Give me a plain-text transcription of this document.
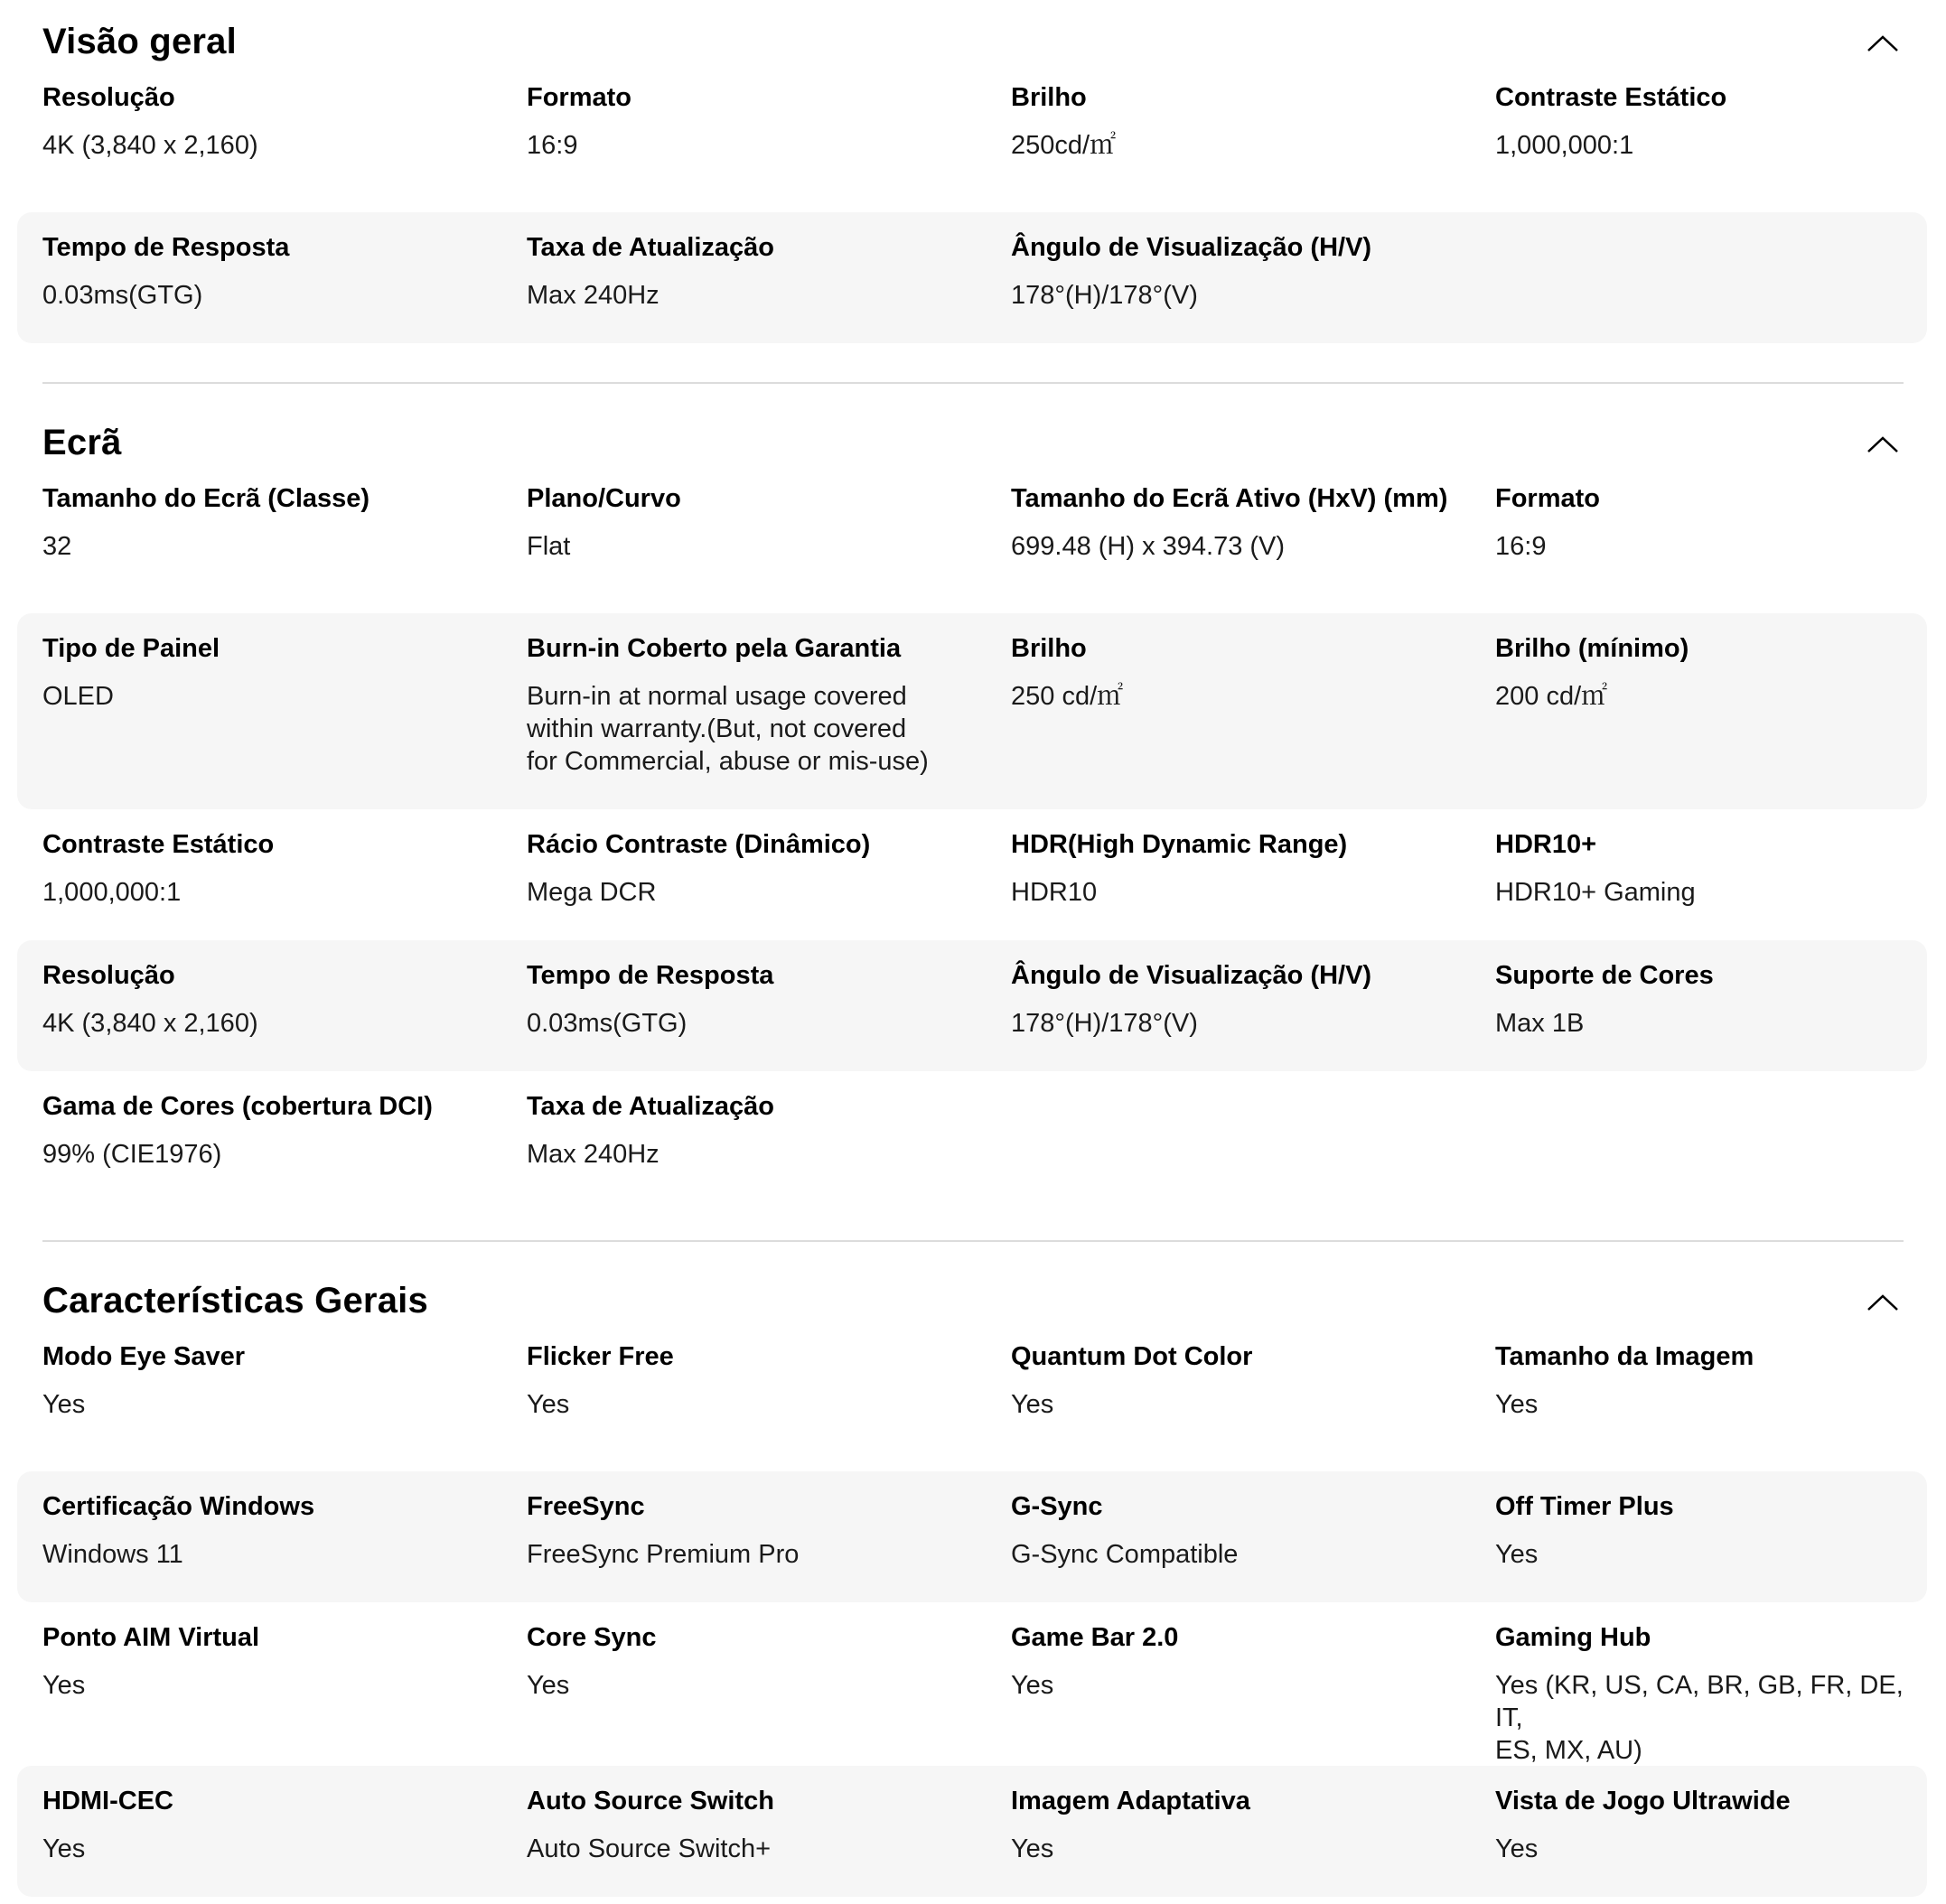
Visão geral
Resolução
4K (3,840 x 2,160)
Formato
16:9
Brilho
250cd/㎡
Contraste Estático
1,000,000:1
Tempo de Resposta
0.03ms(GTG)
Taxa de Atualização
Max 240Hz
Ângulo de Visualização (H/V)
178°(H)/178°(V)
Ecrã
Tamanho do Ecrã (Classe)
32
Plano/Curvo
Flat
Tamanho do Ecrã Ativo (HxV) (mm)
699.48 (H) x 394.73 (V)
Formato
16:9
Tipo de Painel
OLED
Burn-in Coberto pela Garantia
Burn-in at normal usage covered
within warranty.(But, not covered
for Commercial, abuse or mis-use)
Brilho
250 cd/㎡
Brilho (mínimo)
200 cd/㎡
Contraste Estático
1,000,000:1
Rácio Contraste (Dinâmico)
Mega DCR
HDR(High Dynamic Range)
HDR10
HDR10+
HDR10+ Gaming
Resolução
4K (3,840 x 2,160)
Tempo de Resposta
0.03ms(GTG)
Ângulo de Visualização (H/V)
178°(H)/178°(V)
Suporte de Cores
Max 1B
Gama de Cores (cobertura DCI)
99% (CIE1976)
Taxa de Atualização
Max 240Hz
Características Gerais
Modo Eye Saver
Yes
Flicker Free
Yes
Quantum Dot Color
Yes
Tamanho da Imagem
Yes
Certificação Windows
Windows 11
FreeSync
FreeSync Premium Pro
G-Sync
G-Sync Compatible
Off Timer Plus
Yes
Ponto AIM Virtual
Yes
Core Sync
Yes
Game Bar 2.0
Yes
Gaming Hub
Yes (KR, US, CA, BR, GB, FR, DE, IT,
ES, MX, AU)
HDMI-CEC
Yes
Auto Source Switch
Auto Source Switch+
Imagem Adaptativa
Yes
Vista de Jogo Ultrawide
Yes
